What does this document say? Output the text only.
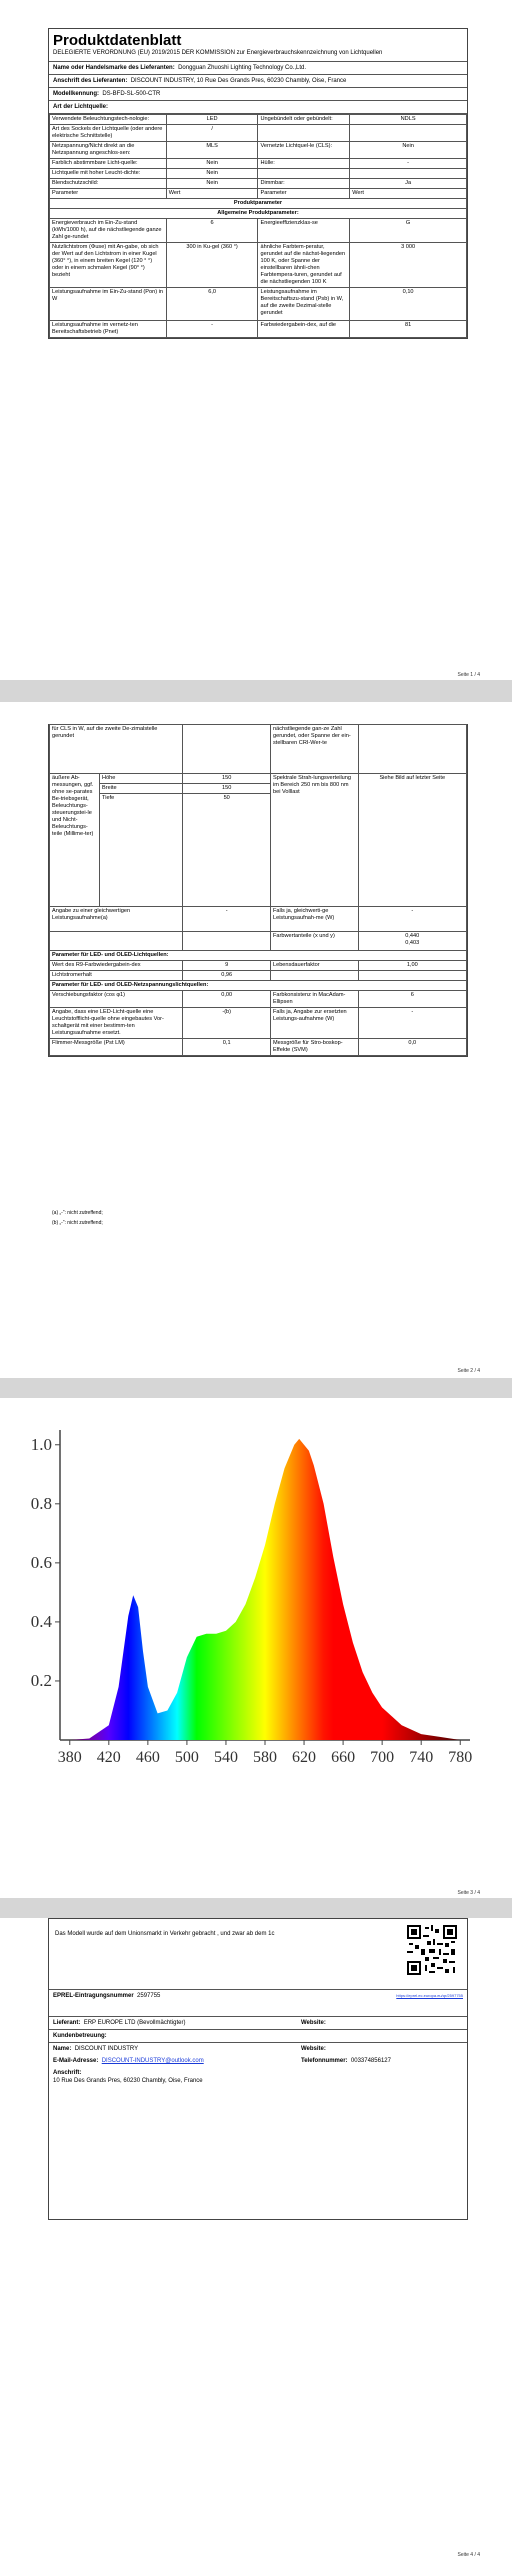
Produktdatenblatt
DELEGIERTE VERORDNUNG (EU) 2019/2015 DER KOMMISSION zur Energieverbrauchskennzeichnung von Lichtquellen
Name oder Handelsmarke des Lieferanten: Dongguan Zhuoshi Lighting Technology Co.,Ltd.
Anschrift des Lieferanten: DISCOUNT INDUSTRY, 10 Rue Des Grands Pres, 60230 Chambly, Oise, France
Modellkennung: DS-BFD-SL-500-CTR
Art der Lichtquelle:
Verwendete Beleuchtungstech-nologie:	LED	Ungebündelt oder gebündelt:	NDLS
Art des Sockels der Lichtquelle (oder andere elektrische Schnittstelle)	/		
Netzspannung/Nicht direkt an die Netzspannung angeschlos-sen:	MLS	Vernetzte Lichtquel-le (CLS):	Nein
Farblich abstimmbare Licht-quelle:	Nein	Hülle:	-
Lichtquelle mit hoher Leucht-dichte:	Nein		
Blendschutzschild:	Nein	Dimmbar:	Ja
Parameter	Wert	Parameter	Wert
Produktparameter			
Allgemeine Produktparameter:			
Energieverbrauch im Ein-Zu-stand (kWh/1000 h), auf die nächstliegende ganze Zahl ge-rundet	6	Energieeffizienzklas-se	G
Nutzlichtstrom (Φuse) mit An-gabe, ob sich der Wert auf den Lichtstrom in einer Kugel (360° °), in einem breiten Kegel (120 ° °) oder in einem schmalen Kegel (90° °) bezieht	300 in Ku-gel (360 °)	ähnliche Farbtem-peratur, gerundet auf die nächst-liegenden 100 K, oder Spanne der einstellbaren ähnli-chen Farbtempera-turen, gerundet auf die nächstliegenden 100 K	3 000
Leistungsaufnahme im Ein-Zu-stand (Pon) in W	6,0	Leistungsaufnahme im Bereitschaftszu-stand (Psb) in W, auf die zweite Dezimal-stelle gerundet	0,10
Leistungsaufnahme im vernetz-ten Bereitschaftsbetrieb (Pnet)	-	Farbwiedergabein-dex, auf die	81
Seite 1 / 4
für CLS in W, auf die zweite De-zimalstelle gerundet			nächstliegende gan-ze Zahl gerundet, oder Spanne der ein-stellbaren CRI-Wer-te	
äußere Ab-messungen, ggf. ohne se-parates Be-triebsgerät, Beleuchtungs-steuerungstei-le und Nicht-Beleuchtungs-teile (Millime-ter)	Höhe	150	Spektrale Strah-lungsverteilung im Bereich 250 nm bis 800 nm bei Volllast	Siehe Bild auf letzter Seite
	Breite	150		
	Tiefe	50		
Angabe zu einer gleichwertigen Leistungsaufnahme(a)		-	Falls ja, gleichwerti-ge Leistungsaufnah-me (W)	-
			Farbwertanteile (x und y)	0,440
0,403
Parameter für LED- und OLED-Lichtquellen:				
Wert des R9-Farbwiedergabein-dex		9	Lebensdauerfaktor	1,00
Lichtstromerhalt		0,96		
Parameter für LED- und OLED-Netzspannungslichtquellen:				
Verschiebungsfaktor (cos φ1)		0,00	Farbkonsistenz in MacAdam-Ellipsen	6
Angabe, dass eine LED-Licht-quelle eine Leuchtstofflicht-quelle ohne eingebautes Vor-schaltgerät mit einer bestimm-ten Leistungsaufnahme ersetzt.		-(b)	Falls ja, Angabe zur ersetzten Leistungs-aufnahme (W)	-
Flimmer-Messgröße (Pst LM)		0,1	Messgröße für Stro-boskop-Effekte (SVM)	0,0
(a) „-“: nicht zutreffend;
(b) „-“: nicht zutreffend;
Seite 2 / 4
380 420 460 500 540 580 620 660 700 740 780
0.2
0.4
0.6
0.8
1.0
Seite 3 / 4
Das Modell wurde auf dem Unionsmarkt in Verkehr gebracht , und zwar ab dem 1c
EPREL-Eintragungsnummer 2597755	https://eprel.ec.europa.eu/qr/2597755
Lieferant: ERP EUROPE LTD (Bevollmächtigter)	Website:
Kundenbetreuung:
Name: DISCOUNT INDUSTRY	Website:
E-Mail-Adresse: DISCOUNT-INDUSTRY@outlook.com	Telefonnummer: 003374856127
Anschrift:
10 Rue Des Grands Pres, 60230 Chambly, Oise, France
Seite 4 / 4
